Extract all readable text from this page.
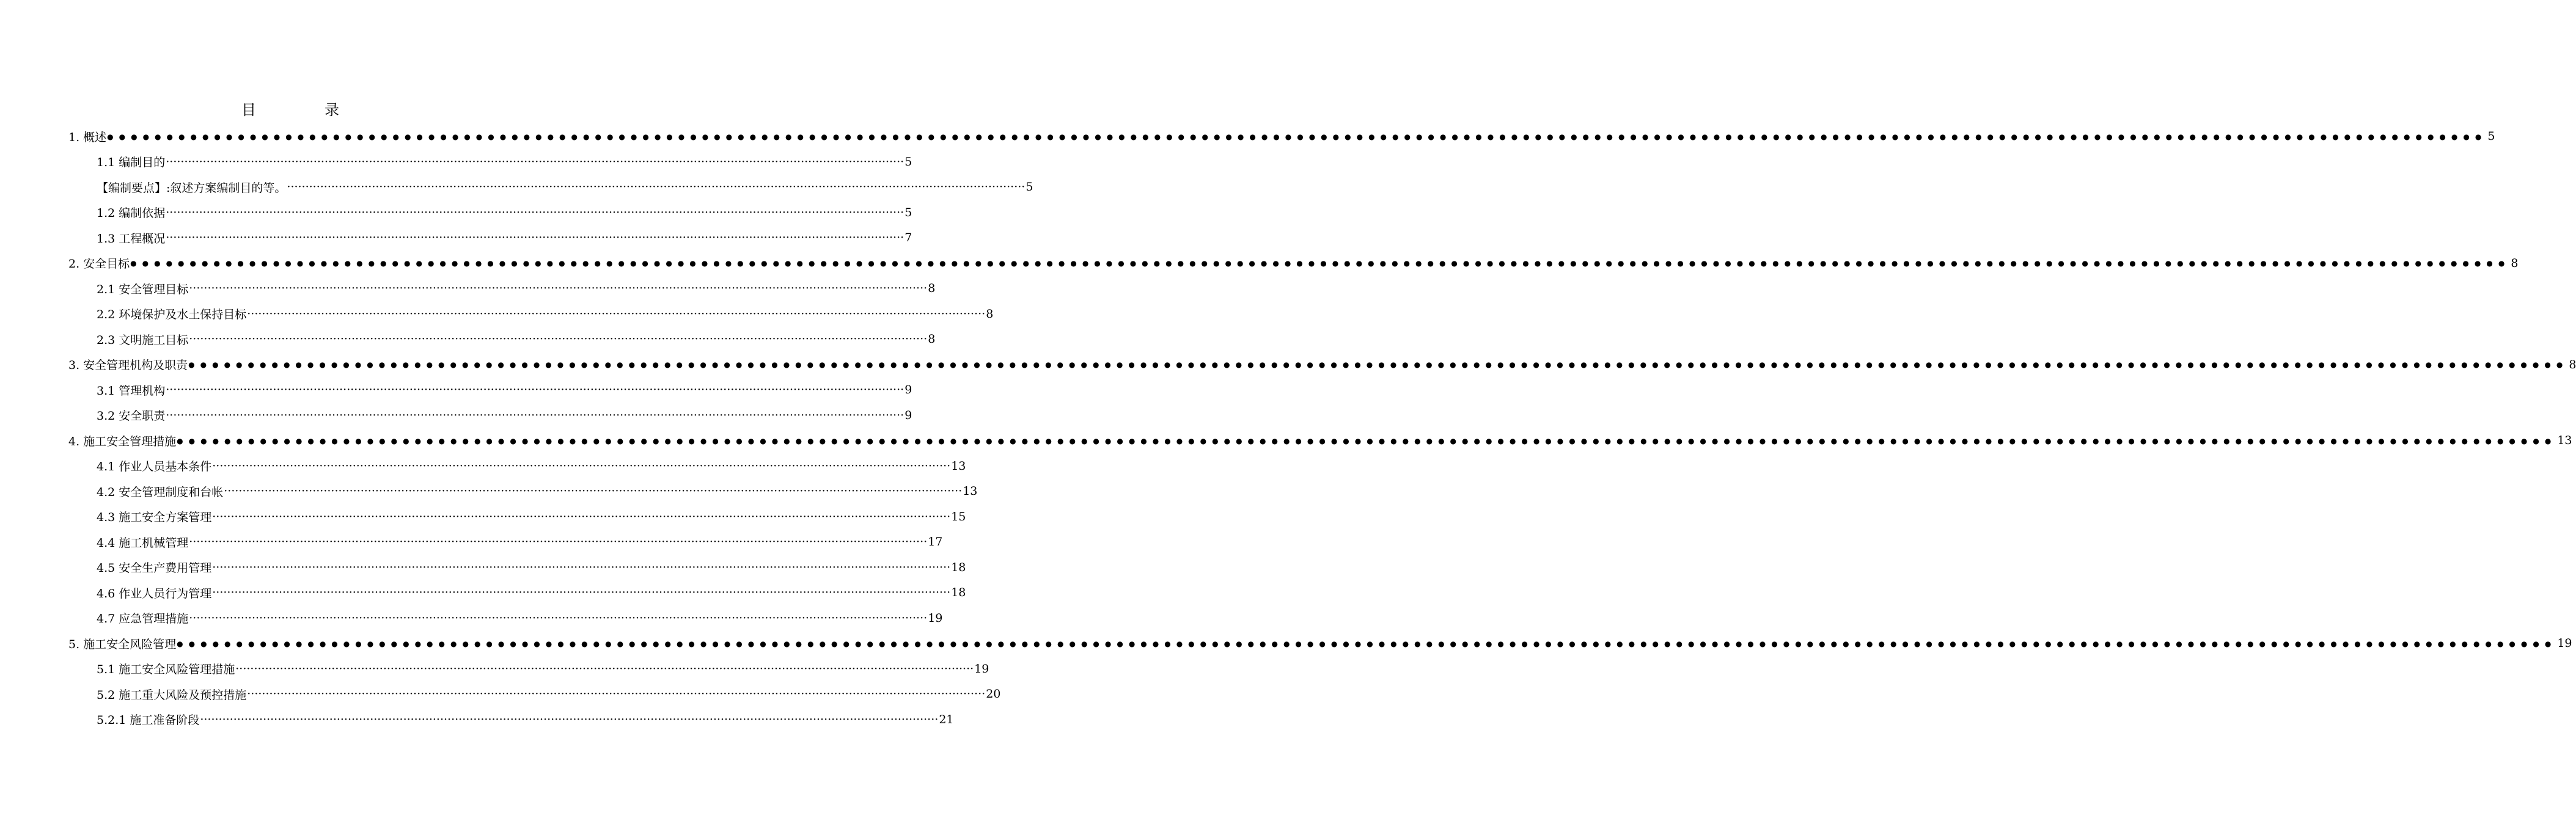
目　录
1. 概述 ●●●●●●●●●●●●●●●●●●●●●●●●●●●●●●●●●●●●●●●●●●●●●●●●●●●●●●●●●●●●●●●●●●●●●●●●●●●●●●●●●●●●●●●●●●●●●●●●●●●●●●●●●●●●●●●●●●●●●●●●●●●●●●●●●●●●●●●●●●●●●●●●●●●●●●●●●●●●●●●●●●●●●●●●●●●●●●●●●●●●●●●●●●●●●●●●●●●●●●●● 5
1.1 编制目的 ········································································································································································································ 5
【编制要点】:叙述方案编制目的等。 ········································································································································································································ 5
1.2 编制依据 ········································································································································································································ 5
1.3 工程概况 ········································································································································································································ 7
2. 安全目标 ●●●●●●●●●●●●●●●●●●●●●●●●●●●●●●●●●●●●●●●●●●●●●●●●●●●●●●●●●●●●●●●●●●●●●●●●●●●●●●●●●●●●●●●●●●●●●●●●●●●●●●●●●●●●●●●●●●●●●●●●●●●●●●●●●●●●●●●●●●●●●●●●●●●●●●●●●●●●●●●●●●●●●●●●●●●●●●●●●●●●●●●●●●●●●●●●●●●●●●●● 8
2.1 安全管理目标 ········································································································································································································ 8
2.2 环境保护及水土保持目标 ········································································································································································································ 8
2.3 文明施工目标 ········································································································································································································ 8
3. 安全管理机构及职责 ●●●●●●●●●●●●●●●●●●●●●●●●●●●●●●●●●●●●●●●●●●●●●●●●●●●●●●●●●●●●●●●●●●●●●●●●●●●●●●●●●●●●●●●●●●●●●●●●●●●●●●●●●●●●●●●●●●●●●●●●●●●●●●●●●●●●●●●●●●●●●●●●●●●●●●●●●●●●●●●●●●●●●●●●●●●●●●●●●●●●●●●●●●●●●●●●●●●●●●●● 8
3.1 管理机构 ········································································································································································································ 9
3.2 安全职责 ········································································································································································································ 9
4. 施工安全管理措施 ●●●●●●●●●●●●●●●●●●●●●●●●●●●●●●●●●●●●●●●●●●●●●●●●●●●●●●●●●●●●●●●●●●●●●●●●●●●●●●●●●●●●●●●●●●●●●●●●●●●●●●●●●●●●●●●●●●●●●●●●●●●●●●●●●●●●●●●●●●●●●●●●●●●●●●●●●●●●●●●●●●●●●●●●●●●●●●●●●●●●●●●●●●●●●●●●●●●●●●●● 13
4.1 作业人员基本条件 ········································································································································································································ 13
4.2 安全管理制度和台帐 ········································································································································································································ 13
4.3 施工安全方案管理 ········································································································································································································ 15
4.4 施工机械管理 ········································································································································································································ 17
4.5 安全生产费用管理 ········································································································································································································ 18
4.6 作业人员行为管理 ········································································································································································································ 18
4.7 应急管理措施 ········································································································································································································ 19
5. 施工安全风险管理 ●●●●●●●●●●●●●●●●●●●●●●●●●●●●●●●●●●●●●●●●●●●●●●●●●●●●●●●●●●●●●●●●●●●●●●●●●●●●●●●●●●●●●●●●●●●●●●●●●●●●●●●●●●●●●●●●●●●●●●●●●●●●●●●●●●●●●●●●●●●●●●●●●●●●●●●●●●●●●●●●●●●●●●●●●●●●●●●●●●●●●●●●●●●●●●●●●●●●●●●● 19
5.1 施工安全风险管理措施 ········································································································································································································ 19
5.2 施工重大风险及预控措施 ········································································································································································································ 20
5.2.1 施工准备阶段 ········································································································································································································ 21
